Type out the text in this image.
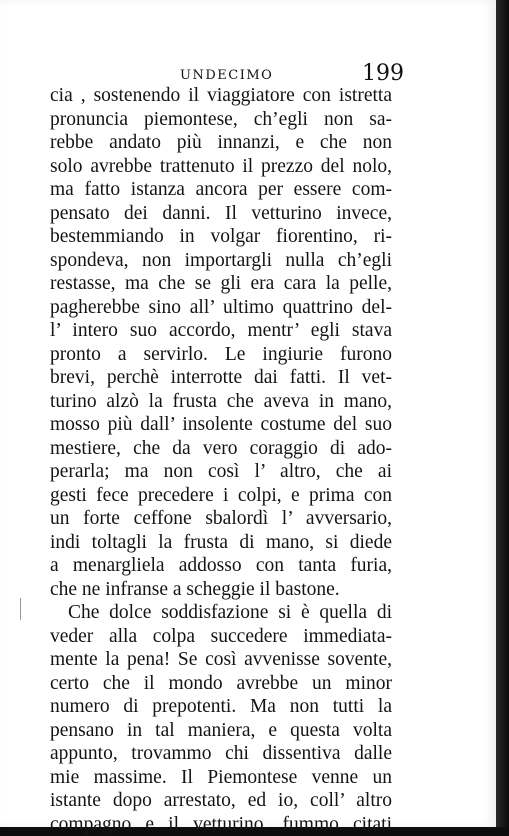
UNDECIMO	199
cia , sostenendo il viaggiatore con istretta
pronuncia piemontese, ch’egli non sa-
rebbe andato più innanzi, e che non
solo avrebbe trattenuto il prezzo del nolo,
ma fatto istanza ancora per essere com-
pensato dei danni. Il vetturino invece,
bestemmiando in volgar fiorentino, ri-
spondeva, non importargli nulla ch’egli
restasse, ma che se gli era cara la pelle,
pagherebbe sino all’ ultimo quattrino del-
l’ intero suo accordo, mentr’ egli stava
pronto a servirlo. Le ingiurie furono
brevi, perchè interrotte dai fatti. Il vet-
turino alzò la frusta che aveva in mano,
mosso più dall’ insolente costume del suo
mestiere, che da vero coraggio di ado-
perarla; ma non così l’ altro, che ai
gesti fece precedere i colpi, e prima con
un forte ceffone sbalordì l’ avversario,
indi toltagli la frusta di mano, si diede
a menargliela addosso con tanta furia,
che ne infranse a scheggie il bastone.
Che dolce soddisfazione si è quella di
veder alla colpa succedere immediata-
mente la pena! Se così avvenisse sovente,
certo che il mondo avrebbe un minor
numero di prepotenti. Ma non tutti la
pensano in tal maniera, e questa volta
appunto, trovammo chi dissentiva dalle
mie massime. Il Piemontese venne un
istante dopo arrestato, ed io, coll’ altro
compagno e il vetturino, fummo citati
